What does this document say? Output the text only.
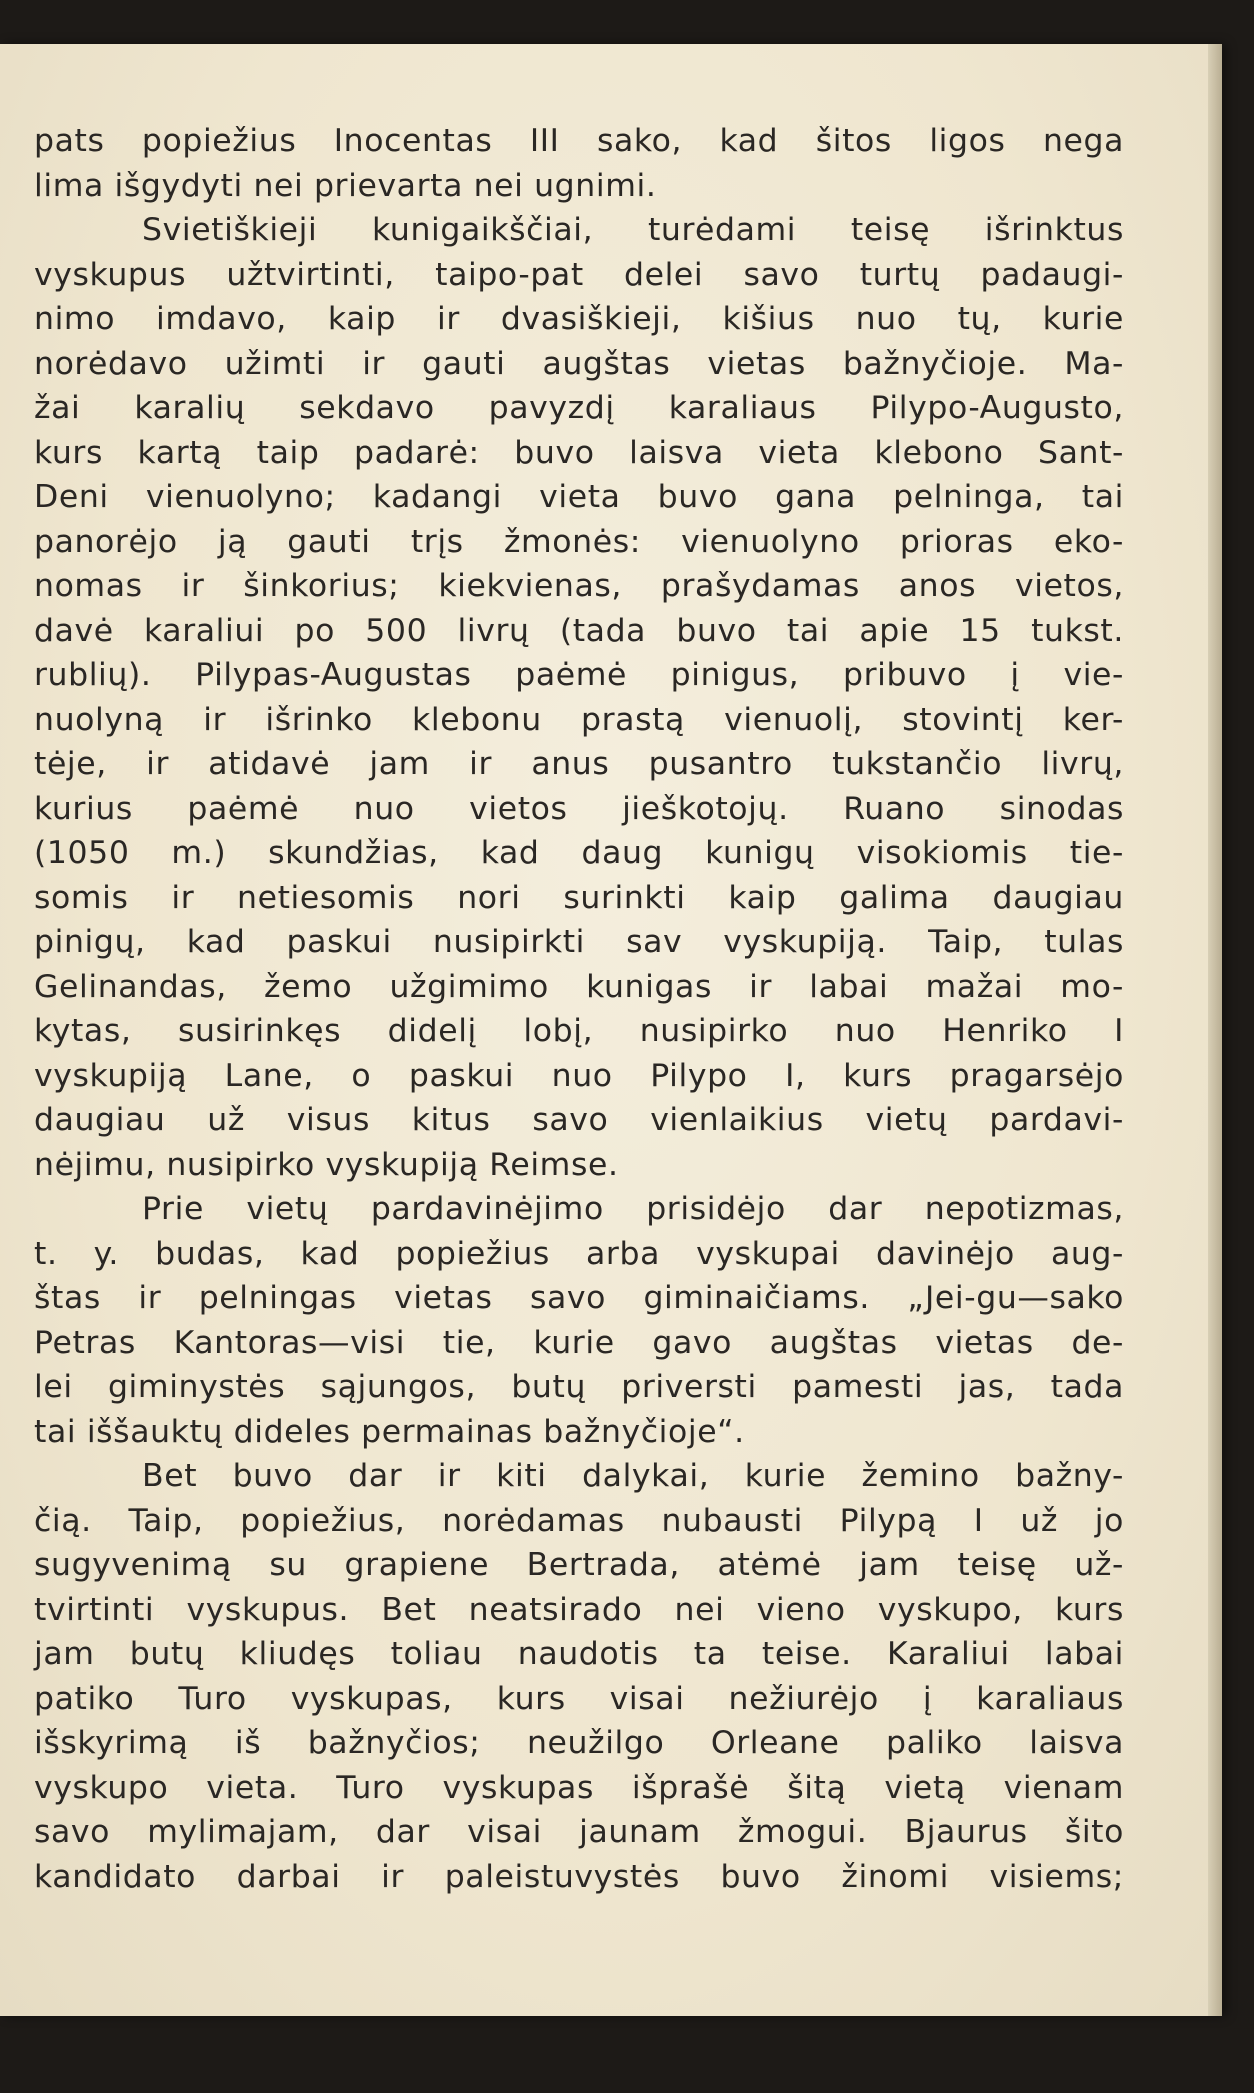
pats popiežius Inocentas III sako, kad šitos ligos nega
lima išgydyti nei prievarta nei ugnimi.
Svietiškieji kunigaikščiai, turėdami teisę išrinktus
vyskupus užtvirtinti, taipo-pat delei savo turtų padaugi-
nimo imdavo, kaip ir dvasiškieji, kišius nuo tų, kurie
norėdavo užimti ir gauti augštas vietas bažnyčioje. Ma-
žai karalių sekdavo pavyzdį karaliaus Pilypo-Augusto,
kurs kartą taip padarė: buvo laisva vieta klebono Sant-
Deni vienuolyno; kadangi vieta buvo gana pelninga, tai
panorėjo ją gauti trįs žmonės: vienuolyno prioras eko-
nomas ir šinkorius; kiekvienas, prašydamas anos vietos,
davė karaliui po 500 livrų (tada buvo tai apie 15 tukst.
rublių). Pilypas-Augustas paėmė pinigus, pribuvo į vie-
nuolyną ir išrinko klebonu prastą vienuolį, stovintį ker-
tėje, ir atidavė jam ir anus pusantro tukstančio livrų,
kurius paėmė nuo vietos jieškotojų. Ruano sinodas
(1050 m.) skundžias, kad daug kunigų visokiomis tie-
somis ir netiesomis nori surinkti kaip galima daugiau
pinigų, kad paskui nusipirkti sav vyskupiją. Taip, tulas
Gelinandas, žemo užgimimo kunigas ir labai mažai mo-
kytas, susirinkęs didelį lobį, nusipirko nuo Henriko I
vyskupiją Lane, o paskui nuo Pilypo I, kurs pragarsėjo
daugiau už visus kitus savo vienlaikius vietų pardavi-
nėjimu, nusipirko vyskupiją Reimse.
Prie vietų pardavinėjimo prisidėjo dar nepotizmas,
t. y. budas, kad popiežius arba vyskupai davinėjo aug-
štas ir pelningas vietas savo giminaičiams. „Jei-gu—sako
Petras Kantoras—visi tie, kurie gavo augštas vietas de-
lei giminystės sąjungos, butų priversti pamesti jas, tada
tai iššauktų dideles permainas bažnyčioje“.
Bet buvo dar ir kiti dalykai, kurie žemino bažny-
čią. Taip, popiežius, norėdamas nubausti Pilypą I už jo
sugyvenimą su grapiene Bertrada, atėmė jam teisę už-
tvirtinti vyskupus. Bet neatsirado nei vieno vyskupo, kurs
jam butų kliudęs toliau naudotis ta teise. Karaliui labai
patiko Turo vyskupas, kurs visai nežiurėjo į karaliaus
išskyrimą iš bažnyčios; neužilgo Orleane paliko laisva
vyskupo vieta. Turo vyskupas išprašė šitą vietą vienam
savo mylimajam, dar visai jaunam žmogui. Bjaurus šito
kandidato darbai ir paleistuvystės buvo žinomi visiems;
